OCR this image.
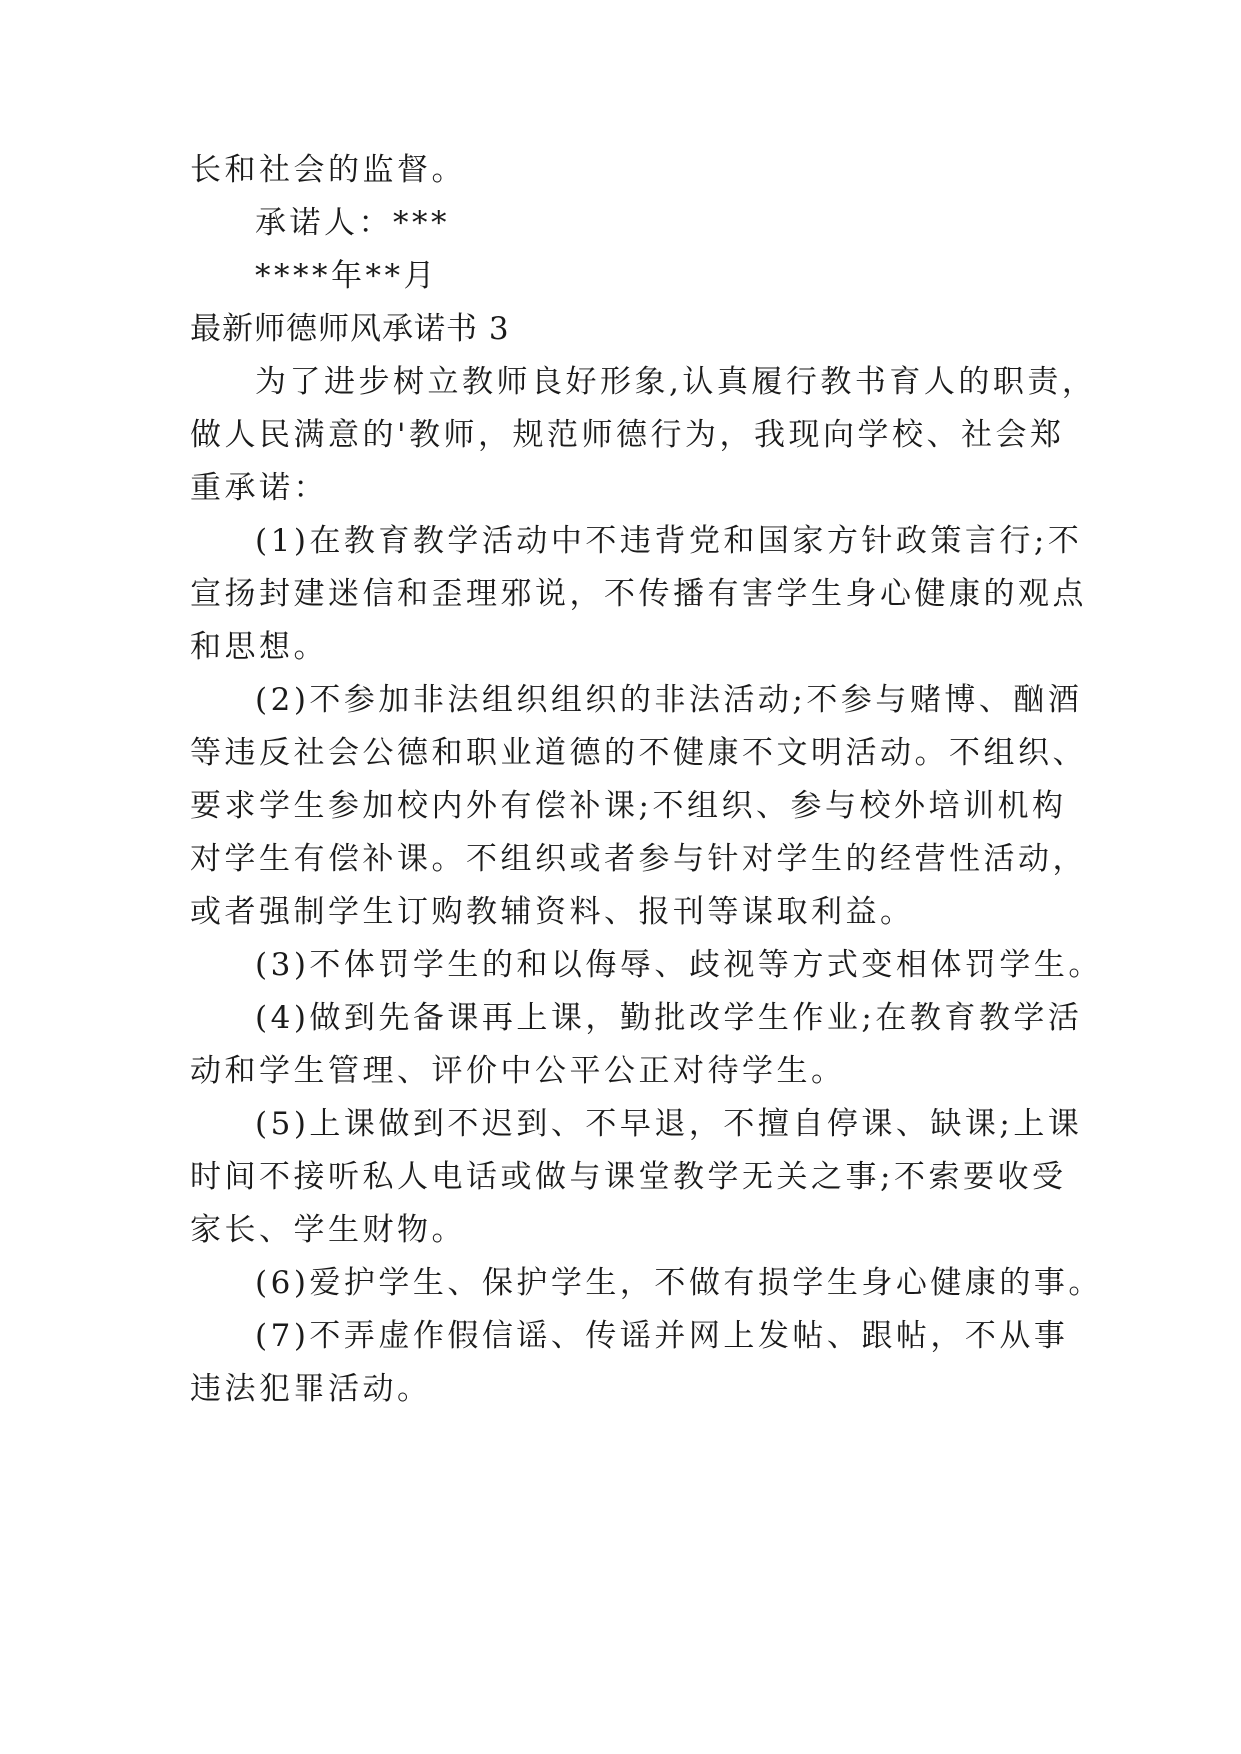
长和社会的监督。
承诺人：***
****年**月
最新师德师风承诺书 3
为了进步树立教师良好形象,认真履行教书育人的职责，
做人民满意的'教师，规范师德行为，我现向学校、社会郑
重承诺：
(1)在教育教学活动中不违背党和国家方针政策言行;不
宣扬封建迷信和歪理邪说，不传播有害学生身心健康的观点
和思想。
(2)不参加非法组织组织的非法活动;不参与赌博、酗酒
等违反社会公德和职业道德的不健康不文明活动。不组织、
要求学生参加校内外有偿补课;不组织、参与校外培训机构
对学生有偿补课。不组织或者参与针对学生的经营性活动，
或者强制学生订购教辅资料、报刊等谋取利益。
(3)不体罚学生的和以侮辱、歧视等方式变相体罚学生。
(4)做到先备课再上课，勤批改学生作业;在教育教学活
动和学生管理、评价中公平公正对待学生。
(5)上课做到不迟到、不早退，不擅自停课、缺课;上课
时间不接听私人电话或做与课堂教学无关之事;不索要收受
家长、学生财物。
(6)爱护学生、保护学生，不做有损学生身心健康的事。
(7)不弄虚作假信谣、传谣并网上发帖、跟帖，不从事
违法犯罪活动。
